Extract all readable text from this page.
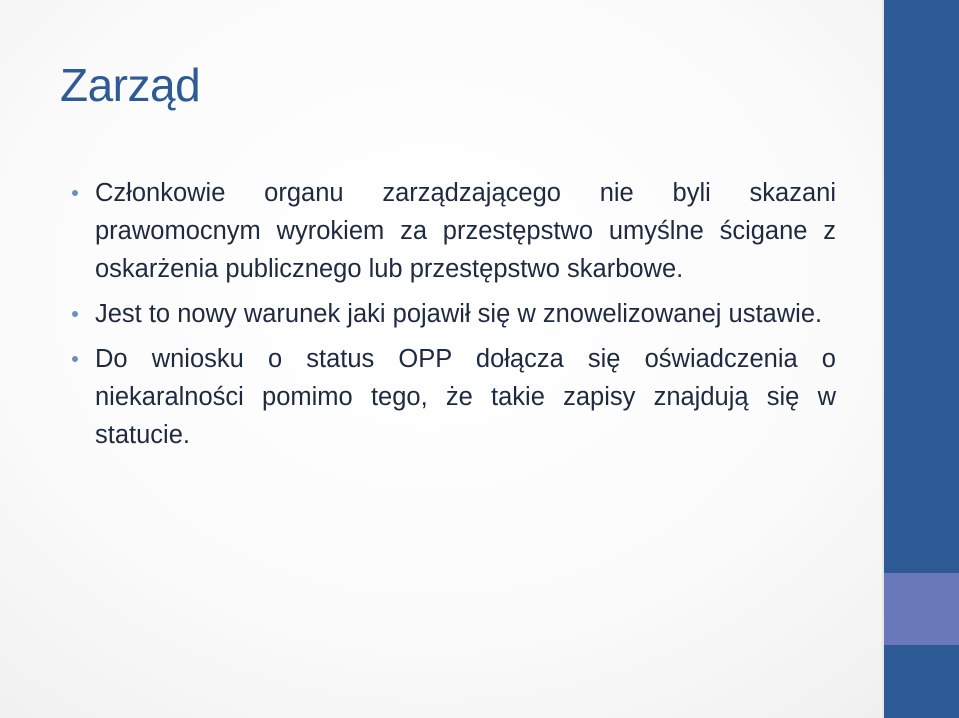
Zarząd
Członkowie organu zarządzającego nie byli skazani prawomocnym wyrokiem za przestępstwo umyślne ścigane z oskarżenia publicznego lub przestępstwo skarbowe.
Jest to nowy warunek jaki pojawił się w znowelizowanej ustawie.
Do wniosku o status OPP dołącza się oświadczenia o niekaralności pomimo tego, że takie zapisy znajdują się w statucie.
